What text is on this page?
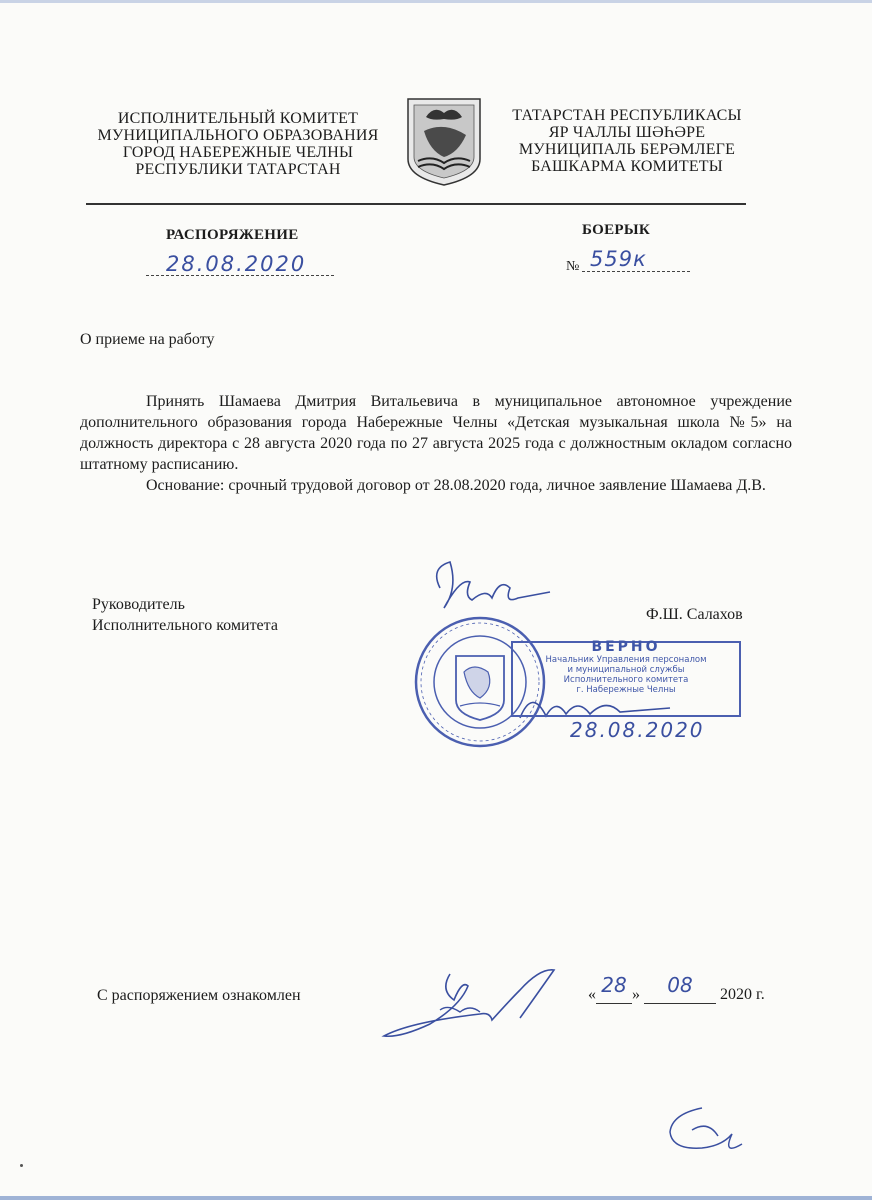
ИСПОЛНИТЕЛЬНЫЙ КОМИТЕТ
МУНИЦИПАЛЬНОГО ОБРАЗОВАНИЯ
ГОРОД НАБЕРЕЖНЫЕ ЧЕЛНЫ
РЕСПУБЛИКИ ТАТАРСТАН
ТАТАРСТАН РЕСПУБЛИКАСЫ
ЯР ЧАЛЛЫ ШӘҺӘРЕ
МУНИЦИПАЛЬ БЕРӘМЛЕГЕ
БАШКАРМА КОМИТЕТЫ
РАСПОРЯЖЕНИЕ	БОЕРЫК
28.08.2020	№ 559к
О приеме на работу

Принять Шамаева Дмитрия Витальевича в муниципальное автономное учреждение дополнительного образования города Набережные Челны «Детская музыкальная школа №5» на должность директора с 28 августа 2020 года по 27 августа 2025 года с должностным окладом согласно штатному расписанию.

Основание: срочный трудовой договор от 28.08.2020 года, личное заявление Шамаева Д.В.

Руководитель
Исполнительного комитета
ВЕРНО
Начальник Управления персоналом
и муниципальной службы
Исполнительного комитета
г. Набережные Челны
28.08.2020
Ф.Ш. Салахов
С распоряжением ознакомлен	« 28 »	08	2020 г.
